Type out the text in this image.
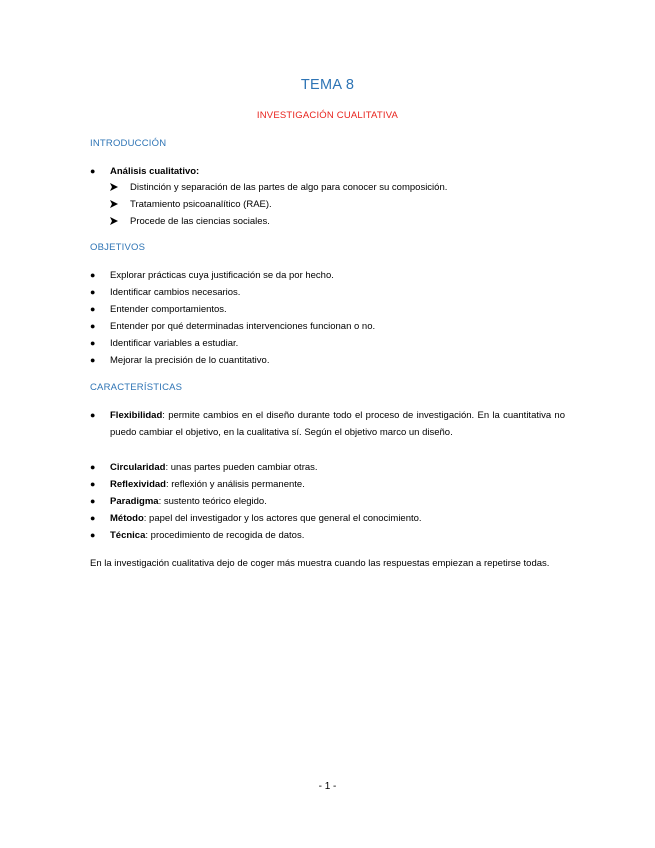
TEMA 8
INVESTIGACIÓN CUALITATIVA
INTRODUCCIÓN
●	Análisis cualitativo:
Distinción y separación de las partes de algo para conocer su composición.
Tratamiento psicoanalítico (RAE).
Procede de las ciencias sociales.
OBJETIVOS
●	Explorar prácticas cuya justificación se da por hecho.
●	Identificar cambios necesarios.
●	Entender comportamientos.
●	Entender por qué determinadas intervenciones funcionan o no.
●	Identificar variables a estudiar.
●	Mejorar la precisión de lo cuantitativo.
CARACTERÍSTICAS
● Flexibilidad: permite cambios en el diseño durante todo el proceso de investigación. En la cuantitativa no puedo cambiar el objetivo, en la cualitativa sí. Según el objetivo marco un diseño.
●	Circularidad: unas partes pueden cambiar otras.
●	Reflexividad: reflexión y análisis permanente.
●	Paradigma: sustento teórico elegido.
●	Método: papel del investigador y los actores que general el conocimiento.
●	Técnica: procedimiento de recogida de datos.
En la investigación cualitativa dejo de coger más muestra cuando las respuestas empiezan a repetirse todas.
- 1 -
